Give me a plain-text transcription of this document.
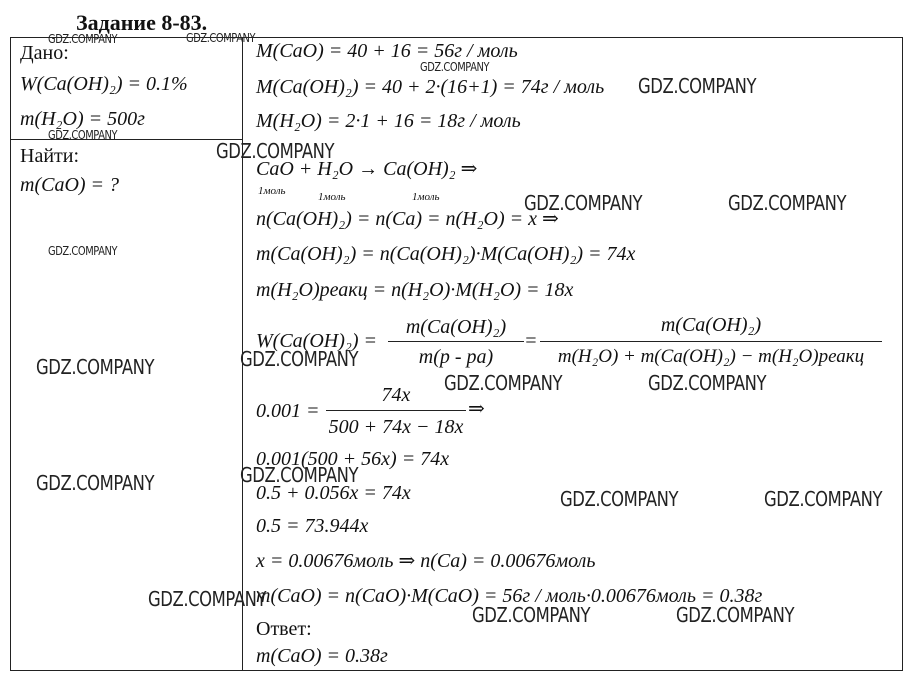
Задание 8-83.
Дано:
W(Ca(OH)₂) = 0.1%
m(H₂O) = 500г
Найти:
m(CaO) = ?
M(CaO) = 40 + 16 = 56г / моль
M(Ca(OH)₂) = 40 + 2·(16+1) = 74г / моль
M(H₂O) = 2·1 + 16 = 18г / моль
CaO + H₂O → Ca(OH)₂ ⇒
1моль	1моль	1моль
n(Ca(OH)₂) = n(Ca) = n(H₂O) = x ⇒
m(Ca(OH)₂) = n(Ca(OH)₂)·M(Ca(OH)₂) = 74x
m(H₂O)реакц = n(H₂O)·M(H₂O) = 18x
W(Ca(OH)₂) =
m(Ca(OH)₂)
m(р - ра)
=
m(Ca(OH)₂)
m(H₂O) + m(Ca(OH)₂) − m(H₂O)реакц
0.001 =
74x
500 + 74x − 18x
⇒
0.001(500 + 56x) = 74x
0.5 + 0.056x = 74x
0.5 = 73.944x
x = 0.00676моль ⇒ n(Ca) = 0.00676моль
m(CaO) = n(CaO)·M(CaO) = 56г / моль·0.00676моль = 0.38г
Ответ:
m(CaO) = 0.38г
GDZ.COMPANY	GDZ.COMPANY
GDZ.COMPANY
GDZ.COMPANY
GDZ.COMPANY
GDZ.COMPANY
GDZ.COMPANY
GDZ.COMPANY	GDZ.COMPANY
GDZ.COMPANY	GDZ.COMPANY
GDZ.COMPANY	GDZ.COMPANY
GDZ.COMPANY	GDZ.COMPANY
GDZ.COMPANY	GDZ.COMPANY
GDZ.COMPANY
GDZ.COMPANY	GDZ.COMPANY
